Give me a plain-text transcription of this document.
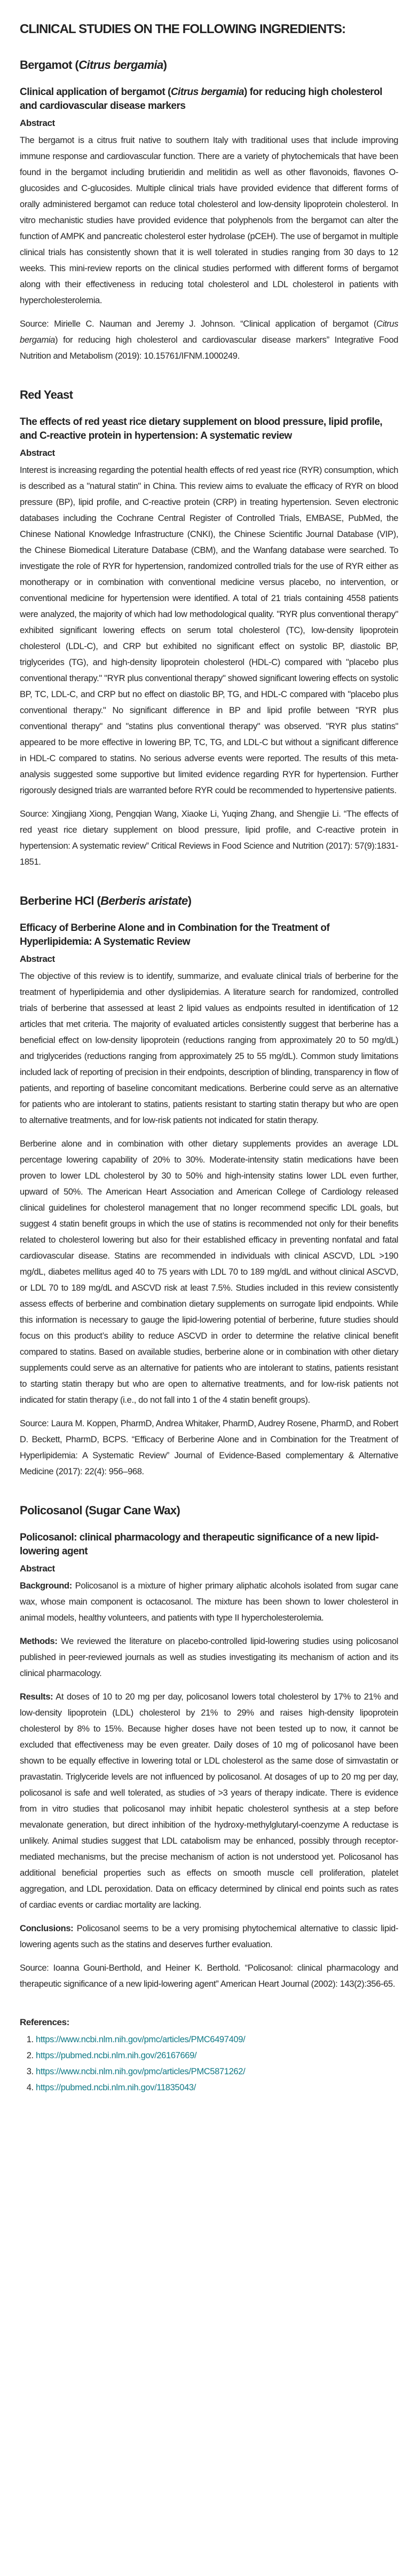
CLINICAL STUDIES ON THE FOLLOWING INGREDIENTS:
Bergamot (Citrus bergamia)
Clinical application of bergamot (Citrus bergamia) for reducing high cholesterol and cardiovascular disease markers
Abstract

The bergamot is a citrus fruit native to southern Italy with traditional uses that include improving immune response and cardiovascular function. There are a variety of phytochemicals that have been found in the bergamot including brutieridin and melitidin as well as other flavonoids, flavones O-glucosides and C-glucosides. Multiple clinical trials have provided evidence that different forms of orally administered bergamot can reduce total cholesterol and low-density lipoprotein cholesterol. In vitro mechanistic studies have provided evidence that polyphenols from the bergamot can alter the function of AMPK and pancreatic cholesterol ester hydrolase (pCEH). The use of bergamot in multiple clinical trials has consistently shown that it is well tolerated in studies ranging from 30 days to 12 weeks. This mini-review reports on the clinical studies performed with different forms of bergamot along with their effectiveness in reducing total cholesterol and LDL cholesterol in patients with hypercholesterolemia.

Source: Mirielle C. Nauman and Jeremy J. Johnson. “Clinical application of bergamot (Citrus bergamia) for reducing high cholesterol and cardiovascular disease markers” Integrative Food Nutrition and Metabolism (2019): 10.15761/IFNM.1000249.

Red Yeast
The effects of red yeast rice dietary supplement on blood pressure, lipid profile, and C-reactive protein in hypertension: A systematic review
Abstract

Interest is increasing regarding the potential health effects of red yeast rice (RYR) consumption, which is described as a "natural statin" in China. This review aims to evaluate the efficacy of RYR on blood pressure (BP), lipid profile, and C-reactive protein (CRP) in treating hypertension. Seven electronic databases including the Cochrane Central Register of Controlled Trials, EMBASE, PubMed, the Chinese National Knowledge Infrastructure (CNKI), the Chinese Scientific Journal Database (VIP), the Chinese Biomedical Literature Database (CBM), and the Wanfang database were searched. To investigate the role of RYR for hypertension, randomized controlled trials for the use of RYR either as monotherapy or in combination with conventional medicine versus placebo, no intervention, or conventional medicine for hypertension were identified. A total of 21 trials containing 4558 patients were analyzed, the majority of which had low methodological quality. "RYR plus conventional therapy" exhibited significant lowering effects on serum total cholesterol (TC), low-density lipoprotein cholesterol (LDL-C), and CRP but exhibited no significant effect on systolic BP, diastolic BP, triglycerides (TG), and high-density lipoprotein cholesterol (HDL-C) compared with "placebo plus conventional therapy." "RYR plus conventional therapy" showed significant lowering effects on systolic BP, TC, LDL-C, and CRP but no effect on diastolic BP, TG, and HDL-C compared with "placebo plus conventional therapy." No significant difference in BP and lipid profile between "RYR plus conventional therapy" and "statins plus conventional therapy" was observed. "RYR plus statins" appeared to be more effective in lowering BP, TC, TG, and LDL-C but without a significant difference in HDL-C compared to statins. No serious adverse events were reported. The results of this meta-analysis suggested some supportive but limited evidence regarding RYR for hypertension. Further rigorously designed trials are warranted before RYR could be recommended to hypertensive patients.

Source: Xingjiang Xiong, Pengqian Wang, Xiaoke Li, Yuqing Zhang, and Shengjie Li. “The effects of red yeast rice dietary supplement on blood pressure, lipid profile, and C-reactive protein in hypertension: A systematic review” Critical Reviews in Food Science and Nutrition (2017): 57(9):1831-1851.

Berberine HCl (Berberis aristate)
Efficacy of Berberine Alone and in Combination for the Treatment of Hyperlipidemia: A Systematic Review
Abstract

The objective of this review is to identify, summarize, and evaluate clinical trials of berberine for the treatment of hyperlipidemia and other dyslipidemias. A literature search for randomized, controlled trials of berberine that assessed at least 2 lipid values as endpoints resulted in identification of 12 articles that met criteria. The majority of evaluated articles consistently suggest that berberine has a beneficial effect on low-density lipoprotein (reductions ranging from approximately 20 to 50 mg/dL) and triglycerides (reductions ranging from approximately 25 to 55 mg/dL). Common study limitations included lack of reporting of precision in their endpoints, description of blinding, transparency in flow of patients, and reporting of baseline concomitant medications. Berberine could serve as an alternative for patients who are intolerant to statins, patients resistant to starting statin therapy but who are open to alternative treatments, and for low-risk patients not indicated for statin therapy.

Berberine alone and in combination with other dietary supplements provides an average LDL percentage lowering capability of 20% to 30%. Moderate-intensity statin medications have been proven to lower LDL cholesterol by 30 to 50% and high-intensity statins lower LDL even further, upward of 50%. The American Heart Association and American College of Cardiology released clinical guidelines for cholesterol management that no longer recommend specific LDL goals, but suggest 4 statin benefit groups in which the use of statins is recommended not only for their benefits related to cholesterol lowering but also for their established efficacy in preventing nonfatal and fatal cardiovascular disease. Statins are recommended in individuals with clinical ASCVD, LDL >190 mg/dL, diabetes mellitus aged 40 to 75 years with LDL 70 to 189 mg/dL and without clinical ASCVD, or LDL 70 to 189 mg/dL and ASCVD risk at least 7.5%. Studies included in this review consistently assess effects of berberine and combination dietary supplements on surrogate lipid endpoints. While this information is necessary to gauge the lipid-lowering potential of berberine, future studies should focus on this product’s ability to reduce ASCVD in order to determine the relative clinical benefit compared to statins. Based on available studies, berberine alone or in combination with other dietary supplements could serve as an alternative for patients who are intolerant to statins, patients resistant to starting statin therapy but who are open to alternative treatments, and for low-risk patients not indicated for statin therapy (i.e., do not fall into 1 of the 4 statin benefit groups).

Source: Laura M. Koppen, PharmD, Andrea Whitaker, PharmD, Audrey Rosene, PharmD, and Robert D. Beckett, PharmD, BCPS. “Efficacy of Berberine Alone and in Combination for the Treatment of Hyperlipidemia: A Systematic Review” Journal of Evidence-Based complementary & Alternative Medicine (2017): 22(4): 956–968.

Policosanol (Sugar Cane Wax)
Policosanol: clinical pharmacology and therapeutic significance of a new lipid-lowering agent
Abstract

Background: Policosanol is a mixture of higher primary aliphatic alcohols isolated from sugar cane wax, whose main component is octacosanol. The mixture has been shown to lower cholesterol in animal models, healthy volunteers, and patients with type II hypercholesterolemia.

Methods: We reviewed the literature on placebo-controlled lipid-lowering studies using policosanol published in peer-reviewed journals as well as studies investigating its mechanism of action and its clinical pharmacology.

Results: At doses of 10 to 20 mg per day, policosanol lowers total cholesterol by 17% to 21% and low-density lipoprotein (LDL) cholesterol by 21% to 29% and raises high-density lipoprotein cholesterol by 8% to 15%. Because higher doses have not been tested up to now, it cannot be excluded that effectiveness may be even greater. Daily doses of 10 mg of policosanol have been shown to be equally effective in lowering total or LDL cholesterol as the same dose of simvastatin or pravastatin. Triglyceride levels are not influenced by policosanol. At dosages of up to 20 mg per day, policosanol is safe and well tolerated, as studies of >3 years of therapy indicate. There is evidence from in vitro studies that policosanol may inhibit hepatic cholesterol synthesis at a step before mevalonate generation, but direct inhibition of the hydroxy-methylglutaryl-coenzyme A reductase is unlikely. Animal studies suggest that LDL catabolism may be enhanced, possibly through receptor-mediated mechanisms, but the precise mechanism of action is not understood yet. Policosanol has additional beneficial properties such as effects on smooth muscle cell proliferation, platelet aggregation, and LDL peroxidation. Data on efficacy determined by clinical end points such as rates of cardiac events or cardiac mortality are lacking.

Conclusions: Policosanol seems to be a very promising phytochemical alternative to classic lipid-lowering agents such as the statins and deserves further evaluation.

Source: Ioanna Gouni-Berthold, and Heiner K. Berthold. “Policosanol: clinical pharmacology and therapeutic significance of a new lipid-lowering agent” American Heart Journal (2002): 143(2):356-65.

References:
1. https://www.ncbi.nlm.nih.gov/pmc/articles/PMC6497409/
2. https://pubmed.ncbi.nlm.nih.gov/26167669/
3. https://www.ncbi.nlm.nih.gov/pmc/articles/PMC5871262/
4. https://pubmed.ncbi.nlm.nih.gov/11835043/
